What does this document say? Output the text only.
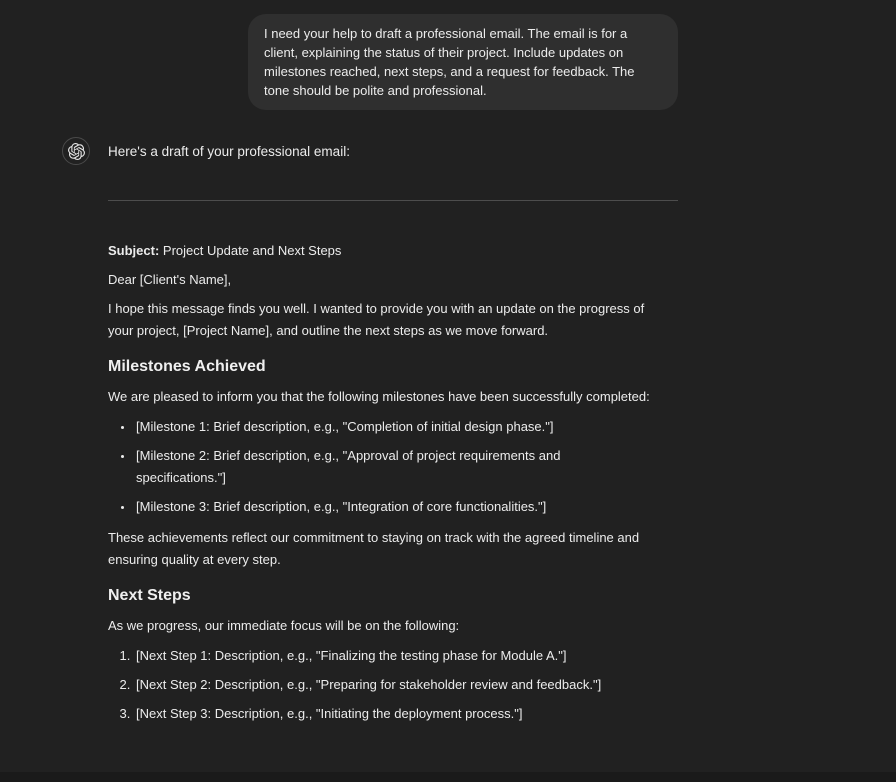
I need your help to draft a professional email. The email is for a client, explaining the status of their project. Include updates on milestones reached, next steps, and a request for feedback. The tone should be polite and professional.
Here's a draft of your professional email:

Subject: Project Update and Next Steps

Dear [Client's Name],

I hope this message finds you well. I wanted to provide you with an update on the progress of your project, [Project Name], and outline the next steps as we move forward.

Milestones Achieved

We are pleased to inform you that the following milestones have been successfully completed:

• [Milestone 1: Brief description, e.g., "Completion of initial design phase."]
• [Milestone 2: Brief description, e.g., "Approval of project requirements and specifications."]
• [Milestone 3: Brief description, e.g., "Integration of core functionalities."]

These achievements reflect our commitment to staying on track with the agreed timeline and ensuring quality at every step.

Next Steps

As we progress, our immediate focus will be on the following:

1. [Next Step 1: Description, e.g., "Finalizing the testing phase for Module A."]
2. [Next Step 2: Description, e.g., "Preparing for stakeholder review and feedback."]
3. [Next Step 3: Description, e.g., "Initiating the deployment process."]
